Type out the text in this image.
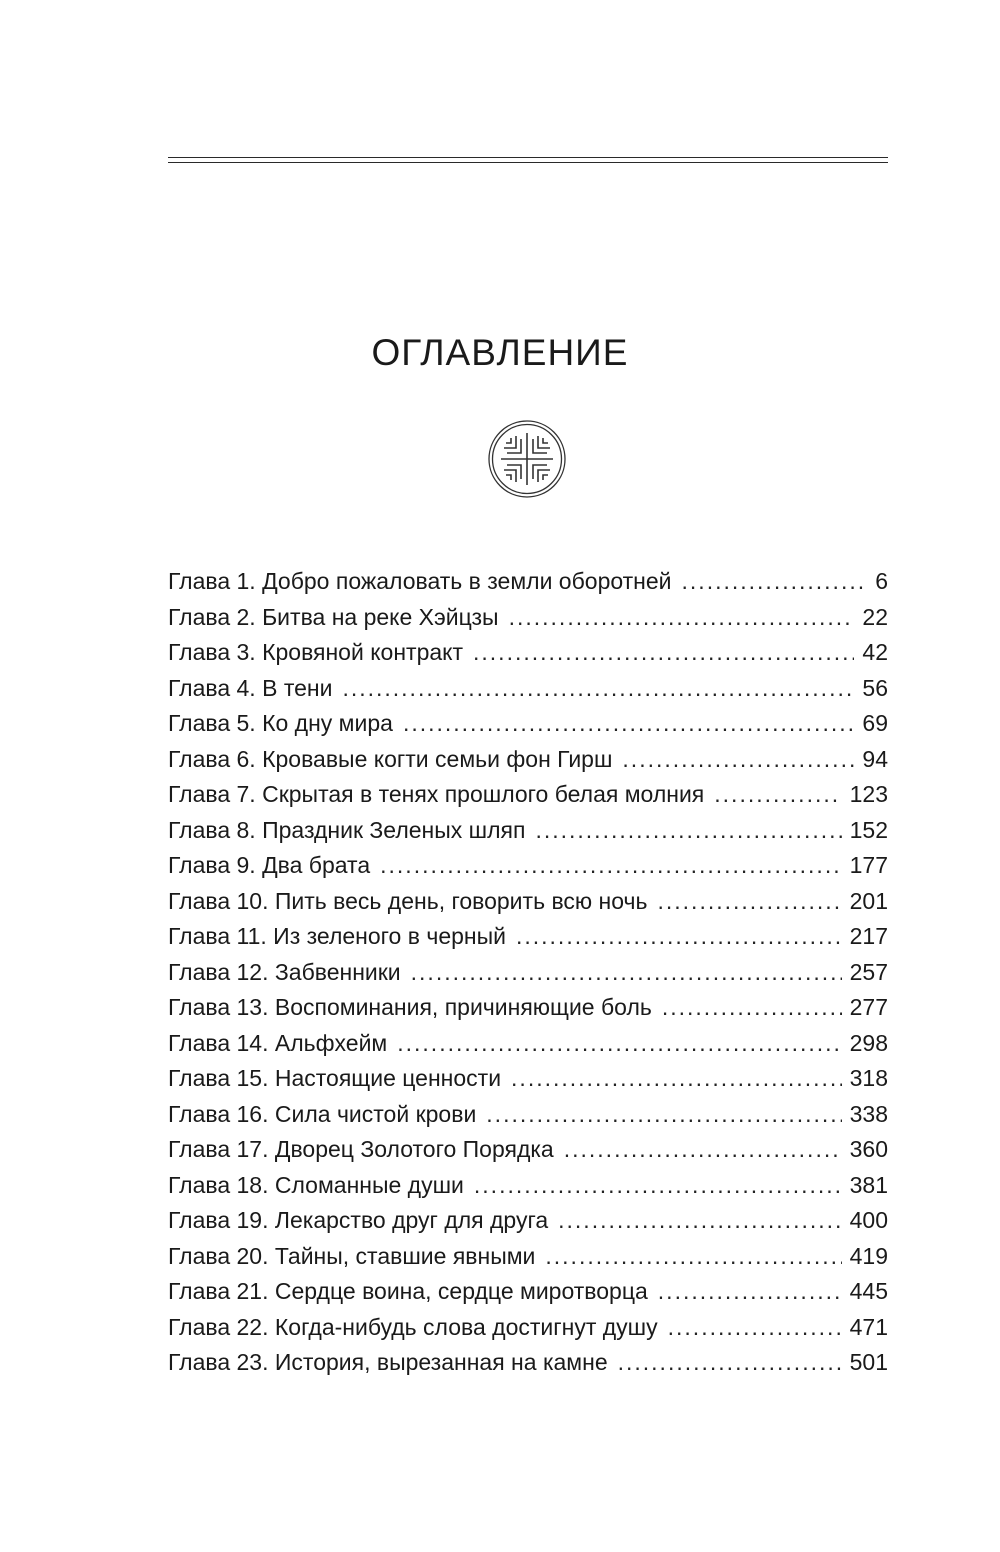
ОГЛАВЛЕНИЕ
Глава 1. Добро пожаловать в земли оборотней .....	6
Глава 2. Битва на реке Хэйцзы .....	22
Глава 3. Кровяной контракт .....	42
Глава 4. В тени .....	56
Глава 5. Ко дну мира .....	69
Глава 6. Кровавые когти семьи фон Гирш .....	94
Глава 7. Скрытая в тенях прошлого белая молния .....	123
Глава 8. Праздник Зеленых шляп .....	152
Глава 9. Два брата .....	177
Глава 10. Пить весь день, говорить всю ночь .....	201
Глава 11. Из зеленого в черный .....	217
Глава 12. Забвенники .....	257
Глава 13. Воспоминания, причиняющие боль .....	277
Глава 14. Альфхейм .....	298
Глава 15. Настоящие ценности .....	318
Глава 16. Сила чистой крови .....	338
Глава 17. Дворец Золотого Порядка .....	360
Глава 18. Сломанные души .....	381
Глава 19. Лекарство друг для друга .....	400
Глава 20. Тайны, ставшие явными .....	419
Глава 21. Сердце воина, сердце миротворца .....	445
Глава 22. Когда-нибудь слова достигнут душу .....	471
Глава 23. История, вырезанная на камне .....	501
